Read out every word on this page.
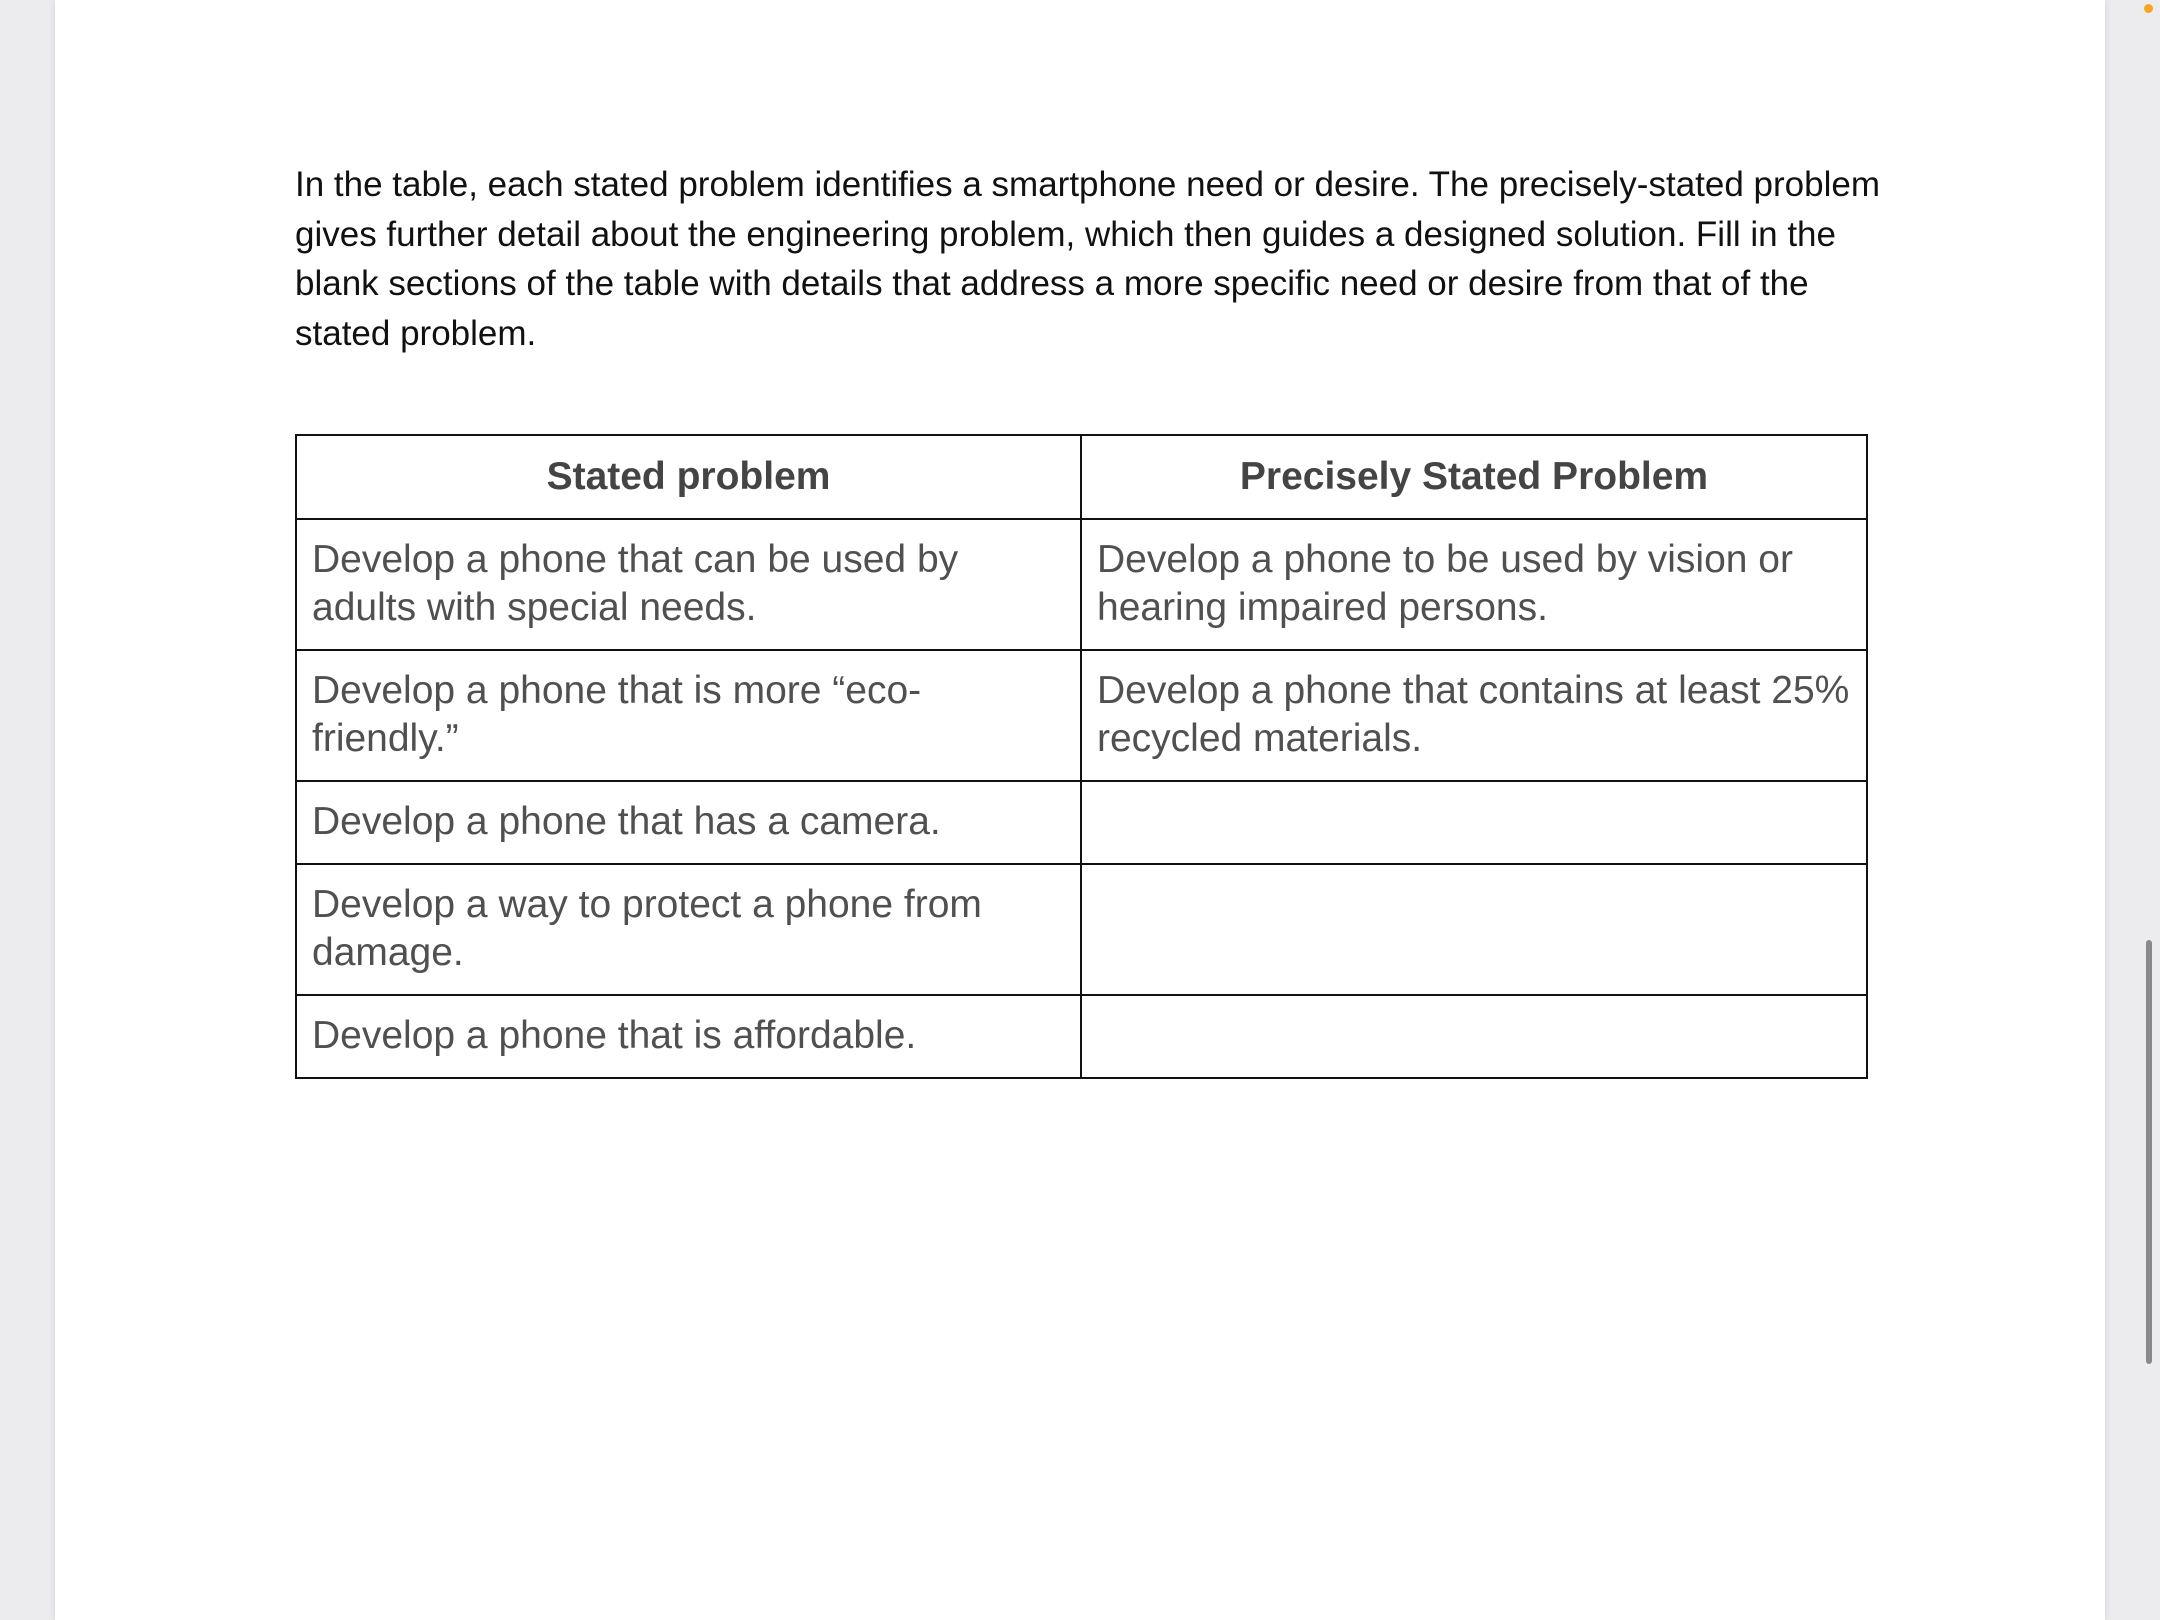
In the table, each stated problem identifies a smartphone need or desire. The precisely-stated problem gives further detail about the engineering problem, which then guides a designed solution. Fill in the blank sections of the table with details that address a more specific need or desire from that of the stated problem.

Stated problem	Precisely Stated Problem
Develop a phone that can be used by adults with special needs.	Develop a phone to be used by vision or hearing impaired persons.
Develop a phone that is more “eco-friendly.”	Develop a phone that contains at least 25% recycled materials.
Develop a phone that has a camera.	
Develop a way to protect a phone from damage.	
Develop a phone that is affordable.	
